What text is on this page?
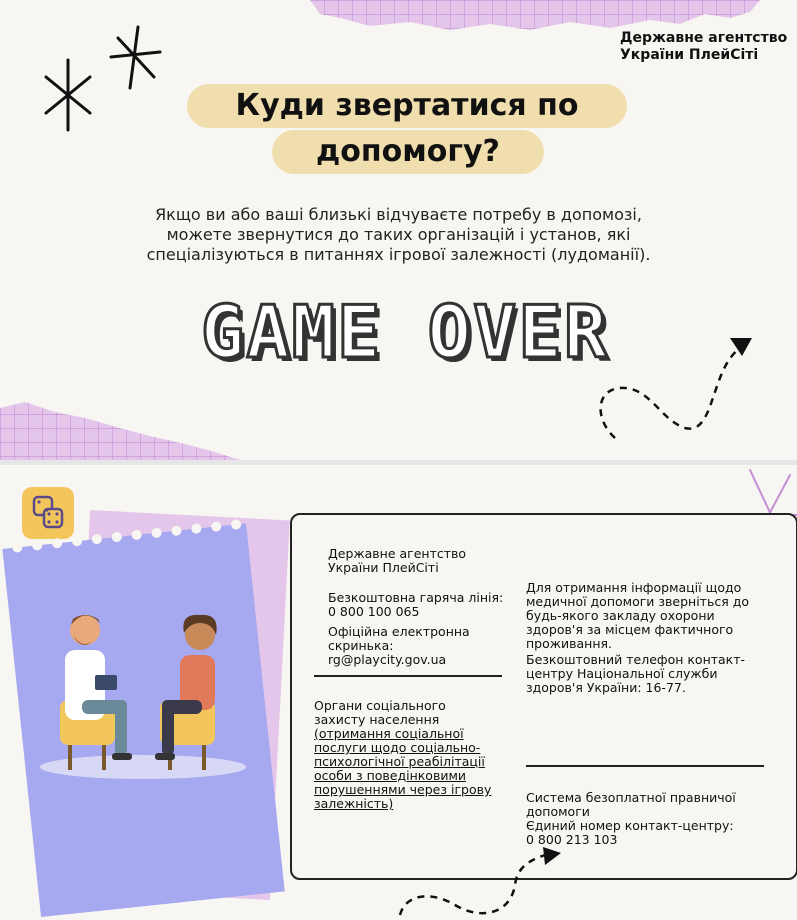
Державне агентство
України ПлейСіті
Куди звертатися по
допомогу?
Якщо ви або ваші близькі відчуваєте потребу в допомозі,
можете звернутися до таких організацій і установ, які
спеціалізуються в питаннях ігрової залежності (лудоманії).
GAME OVER
Державне агентство
України ПлейСіті
Безкоштовна гаряча лінія:
0 800 100 065
Офіційна електронна
скринька:
rg@playcity.gov.ua
Органи соціального
захисту населення
(отримання соціальної
послуги щодо соціально-
психологічної реабілітації
особи з поведінковими
порушеннями через ігрову
залежність)
Для отримання інформації щодо
медичної допомоги зверніться до
будь-якого закладу охорони
здоров'я за місцем фактичного
проживання.
Безкоштовний телефон контакт-
центру Національної служби
здоров'я України: 16-77.
Система безоплатної правничої
допомоги
Єдиний номер контакт-центру:
0 800 213 103
